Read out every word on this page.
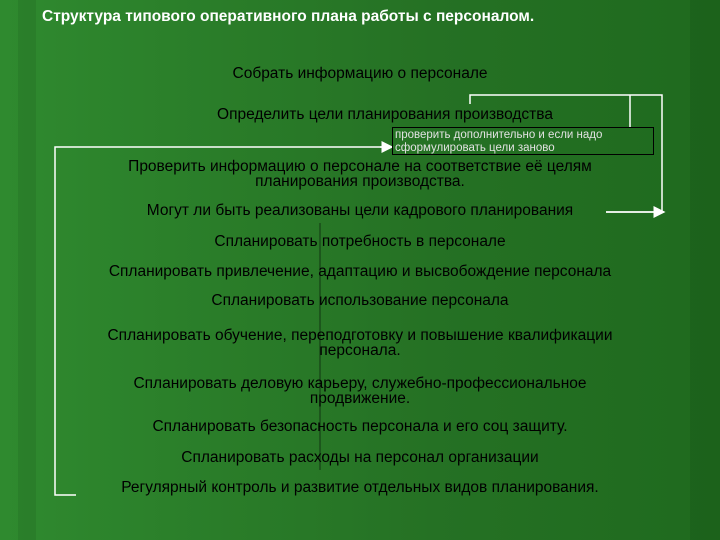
Структура типового оперативного плана работы с персоналом.
проверить дополнительно и если надо сформулировать цели заново
Собрать информацию о персонале
Определить цели планирования производства
Проверить информацию о персонале на соответствие её целям
планирования производства.
Могут ли быть реализованы цели кадрового планирования
Спланировать потребность в персонале
Спланировать привлечение, адаптацию и высвобождение персонала
Спланировать использование персонала
Спланировать обучение, переподготовку и повышение квалификации
персонала.
Спланировать деловую карьеру, служебно-профессиональное
продвижение.
Спланировать безопасность персонала и его соц защиту.
Спланировать расходы на персонал организации
Регулярный контроль и развитие отдельных видов планирования.
